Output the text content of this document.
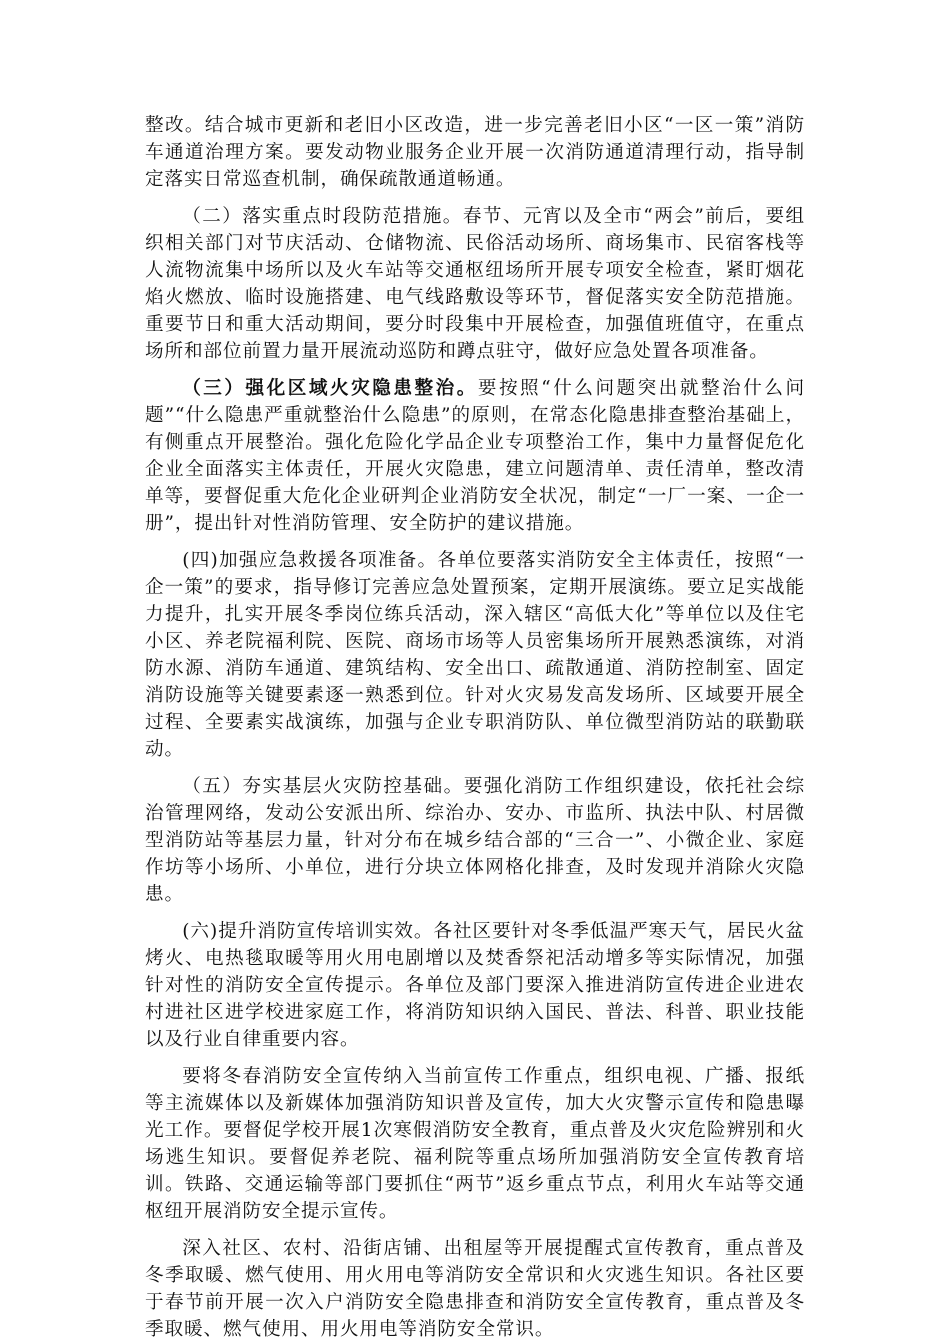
整改。结合城市更新和老旧小区改造，进一步完善老旧小区“一区一策”消防车通道治理方案。要发动物业服务企业开展一次消防通道清理行动，指导制定落实日常巡查机制，确保疏散通道畅通。

（二）落实重点时段防范措施。春节、元宵以及全市“两会”前后，要组织相关部门对节庆活动、仓储物流、民俗活动场所、商场集市、民宿客栈等人流物流集中场所以及火车站等交通枢纽场所开展专项安全检查，紧盯烟花焰火燃放、临时设施搭建、电气线路敷设等环节，督促落实安全防范措施。重要节日和重大活动期间，要分时段集中开展检查，加强值班值守，在重点场所和部位前置力量开展流动巡防和蹲点驻守，做好应急处置各项准备。

（三）强化区域火灾隐患整治。要按照“什么问题突出就整治什么问题”“什么隐患严重就整治什么隐患”的原则，在常态化隐患排查整治基础上，有侧重点开展整治。强化危险化学品企业专项整治工作，集中力量督促危化企业全面落实主体责任，开展火灾隐患，建立问题清单、责任清单，整改清单等，要督促重大危化企业研判企业消防安全状况，制定“一厂一案、一企一册”，提出针对性消防管理、安全防护的建议措施。

(四)加强应急救援各项准备。各单位要落实消防安全主体责任，按照“一企一策”的要求，指导修订完善应急处置预案，定期开展演练。要立足实战能力提升，扎实开展冬季岗位练兵活动，深入辖区“高低大化”等单位以及住宅小区、养老院福利院、医院、商场市场等人员密集场所开展熟悉演练，对消防水源、消防车通道、建筑结构、安全出口、疏散通道、消防控制室、固定消防设施等关键要素逐一熟悉到位。针对火灾易发高发场所、区域要开展全过程、全要素实战演练，加强与企业专职消防队、单位微型消防站的联勤联动。

（五）夯实基层火灾防控基础。要强化消防工作组织建设，依托社会综治管理网络，发动公安派出所、综治办、安办、市监所、执法中队、村居微型消防站等基层力量，针对分布在城乡结合部的“三合一”、小微企业、家庭作坊等小场所、小单位，进行分块立体网格化排查，及时发现并消除火灾隐患。

(六)提升消防宣传培训实效。各社区要针对冬季低温严寒天气，居民火盆烤火、电热毯取暖等用火用电剧增以及焚香祭祀活动增多等实际情况，加强针对性的消防安全宣传提示。各单位及部门要深入推进消防宣传进企业进农村进社区进学校进家庭工作，将消防知识纳入国民、普法、科普、职业技能以及行业自律重要内容。

要将冬春消防安全宣传纳入当前宣传工作重点，组织电视、广播、报纸等主流媒体以及新媒体加强消防知识普及宣传，加大火灾警示宣传和隐患曝光工作。要督促学校开展1次寒假消防安全教育，重点普及火灾危险辨别和火场逃生知识。要督促养老院、福利院等重点场所加强消防安全宣传教育培训。铁路、交通运输等部门要抓住“两节”返乡重点节点，利用火车站等交通枢纽开展消防安全提示宣传。

深入社区、农村、沿街店铺、出租屋等开展提醒式宣传教育，重点普及冬季取暖、燃气使用、用火用电等消防安全常识和火灾逃生知识。各社区要于春节前开展一次入户消防安全隐患排查和消防安全宣传教育，重点普及冬季取暖、燃气使用、用火用电等消防安全常识。
